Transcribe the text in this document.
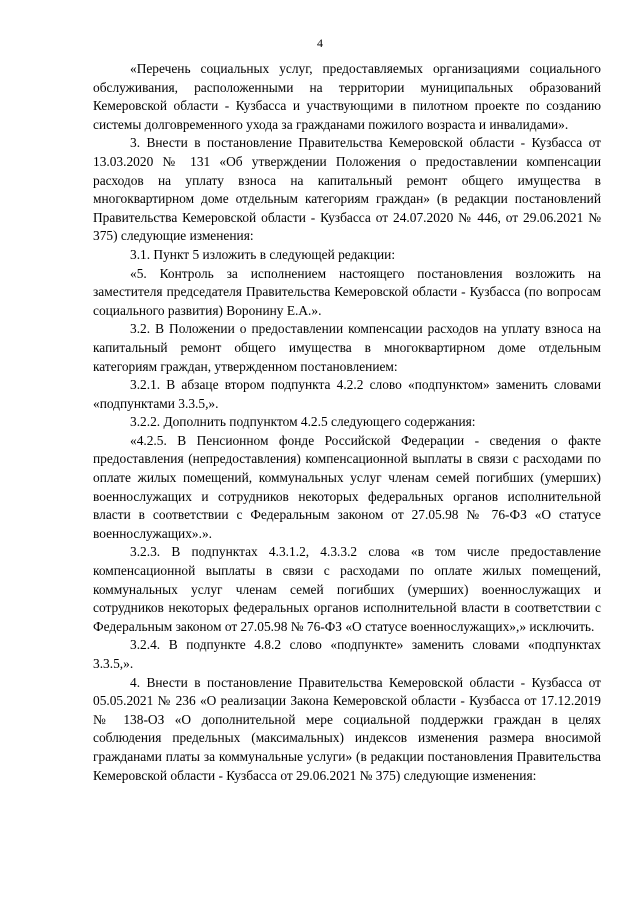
4

«Перечень социальных услуг, предоставляемых организациями социального обслуживания, расположенными на территории муниципальных образований Кемеровской области - Кузбасса и участвующими в пилотном проекте по созданию системы долговременного ухода за гражданами пожилого возраста и инвалидами».

3. Внести в постановление Правительства Кемеровской области - Кузбасса от 13.03.2020 № 131 «Об утверждении Положения о предоставлении компенсации расходов на уплату взноса на капитальный ремонт общего имущества в многоквартирном доме отдельным категориям граждан» (в редакции постановлений Правительства Кемеровской области - Кузбасса от 24.07.2020 № 446, от 29.06.2021 № 375) следующие изменения:

3.1. Пункт 5 изложить в следующей редакции:

«5. Контроль за исполнением настоящего постановления возложить на заместителя председателя Правительства Кемеровской области - Кузбасса (по вопросам социального развития) Воронину Е.А.».

3.2. В Положении о предоставлении компенсации расходов на уплату взноса на капитальный ремонт общего имущества в многоквартирном доме отдельным категориям граждан, утвержденном постановлением:

3.2.1. В абзаце втором подпункта 4.2.2 слово «подпунктом» заменить словами «подпунктами 3.3.5,».

3.2.2. Дополнить подпунктом 4.2.5 следующего содержания:

«4.2.5. В Пенсионном фонде Российской Федерации - сведения о факте предоставления (непредоставления) компенсационной выплаты в связи с расходами по оплате жилых помещений, коммунальных услуг членам семей погибших (умерших) военнослужащих и сотрудников некоторых федеральных органов исполнительной власти в соответствии с Федеральным законом от 27.05.98 № 76-ФЗ «О статусе военнослужащих».».

3.2.3. В подпунктах 4.3.1.2, 4.3.3.2 слова «в том числе предоставление компенсационной выплаты в связи с расходами по оплате жилых помещений, коммунальных услуг членам семей погибших (умерших) военнослужащих и сотрудников некоторых федеральных органов исполнительной власти в соответствии с Федеральным законом от 27.05.98 № 76-ФЗ «О статусе военнослужащих»,» исключить.

3.2.4. В подпункте 4.8.2 слово «подпункте» заменить словами «подпунктах 3.3.5,».

4. Внести в постановление Правительства Кемеровской области - Кузбасса от 05.05.2021 № 236 «О реализации Закона Кемеровской области - Кузбасса от 17.12.2019 № 138-ОЗ «О дополнительной мере социальной поддержки граждан в целях соблюдения предельных (максимальных) индексов изменения размера вносимой гражданами платы за коммунальные услуги» (в редакции постановления Правительства Кемеровской области - Кузбасса от 29.06.2021 № 375) следующие изменения:
